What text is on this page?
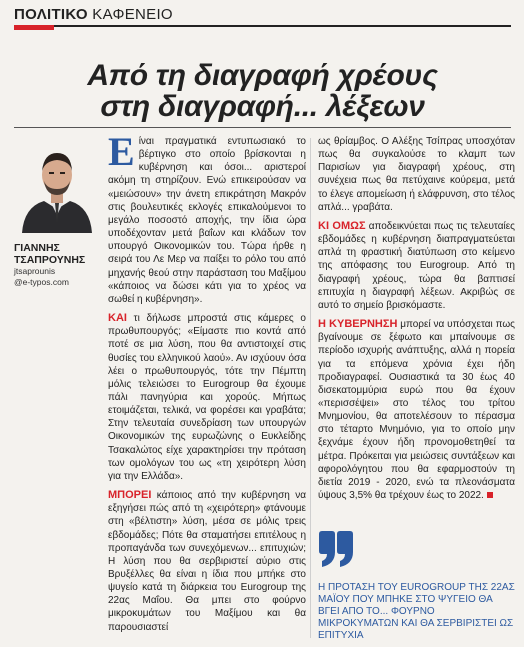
ΠΟΛΙΤΙΚΟ ΚΑΦΕΝΕΙΟ
Από τη διαγραφή χρέους
στη διαγραφή... λέξεων
ΓΙΑΝΝΗΣ
ΤΣΑΠΡΟΥΝΗΣ
jtsaprounis
@e-typos.com

Είναι πραγματικά εντυπωσιακό το βέρτιγκο στο οποίο βρίσκονται η κυβέρνηση και όσοι... αριστεροί ακόμη τη στηρίζουν. Ενώ επικειρούσαν να «μειώσουν» την άνετη επικράτηση Μακρόν στις βουλευτικές εκλογές επικαλούμενοι το μεγάλο ποσοστό αποχής, την ίδια ώρα υποδέχονταν μετά βαΐων και κλάδων τον υπουργό Οικονομικών του. Τώρα ήρθε η σειρά του Λε Μερ να παίξει το ρόλο του από μηχανής θεού στην παράσταση του Μαξίμου «κάποιος να δώσει κάτι για το χρέος να σωθεί η κυβέρνηση».

ΚΑΙ τι δήλωσε μπροστά στις κάμερες ο πρωθυπουργός; «Είμαστε πιο κοντά από ποτέ σε μια λύση, που θα αντιστοιχεί στις θυσίες του ελληνικού λαού». Αν ισχύουν όσα λέει ο πρωθυπουργός, τότε την Πέμπτη μόλις τελειώσει το Eurogroup θα έχουμε πάλι πανηγύρια και χορούς. Μήπως ετοιμάζεται, τελικά, να φορέσει και γραβάτα; Στην τελευταία συνεδρίαση των υπουργών Οικονομικών της ευρωζώνης ο Ευκλείδης Τσακαλώτος είχε χαρακτηρίσει την πρόταση των ομολόγων του ως «τη χειρότερη λύση για την Ελλάδα».

ΜΠΟΡΕΙ κάποιος από την κυβέρνηση να εξηγήσει πώς από τη «χειρότερη» φτάνουμε στη «βέλτιστη» λύση, μέσα σε μόλις τρεις εβδομάδες; Πότε θα σταματήσει επιτέλους η προπαγάνδα των συνεχόμενων... επιτυχιών; Η λύση που θα σερβιριστεί αύριο στις Βρυξέλλες θα είναι η ίδια που μπήκε στο ψυγείο κατά τη διάρκεια του Eurogroup της 22ας Μαΐου. Θα μπει στο φούρνο μικροκυμάτων του Μαξίμου και θα παρουσιαστεί

ως θρίαμβος. Ο Αλέξης Τσίπρας υποσχόταν πως θα συγκαλούσε το κλαμπ των Παρισίων για διαγραφή χρέους, στη συνέχεια πως θα πετύχαινε κούρεμα, μετά το έλεγε απομείωση ή ελάφρυνση, στο τέλος απλά... γραβάτα.

ΚΙ ΟΜΩΣ αποδεικνύεται πως τις τελευταίες εβδομάδες η κυβέρνηση διαπραγματεύεται απλά τη φραστική διατύπωση στο κείμενο της απόφασης του Eurogroup. Από τη διαγραφή χρέους, τώρα θα βαπτισεί επιτυχία η διαγραφή λέξεων. Ακριβώς σε αυτό το σημείο βρισκόμαστε.

Η ΚΥΒΕΡΝΗΣΗ μπορεί να υπόσχεται πως βγαίνουμε σε ξέφωτο και μπαίνουμε σε περίοδο ισχυρής ανάπτυξης, αλλά η πορεία για τα επόμενα χρόνια έχει ήδη προδιαγραφεί. Ουσιαστικά τα 30 έως 40 δισεκατομμύρια ευρώ που θα έχουν «περισσέψει» στο τέλος του τρίτου Μνημονίου, θα αποτελέσουν το πέρασμα στο τέταρτο Μνημόνιο, για το οποίο μην ξεχνάμε έχουν ήδη προνομοθετηθεί τα μέτρα. Πρόκειται για μειώσεις συντάξεων και αφορολόγητου που θα εφαρμοστούν τη διετία 2019 - 2020, ενώ τα πλεονάσματα ύψους 3,5% θα τρέχουν έως το 2022.

Η ΠΡΟΤΑΣΗ ΤΟΥ EUROGROUP ΤΗΣ 22ΑΣ ΜΑΪΟΥ ΠΟΥ ΜΠΗΚΕ ΣΤΟ ΨΥΓΕΙΟ ΘΑ ΒΓΕΙ ΑΠΟ ΤΟ... ΦΟΥΡΝΟ ΜΙΚΡΟΚΥΜΑΤΩΝ ΚΑΙ ΘΑ ΣΕΡΒΙΡΙΣΤΕΙ ΩΣ ΕΠΙΤΥΧΙΑ
